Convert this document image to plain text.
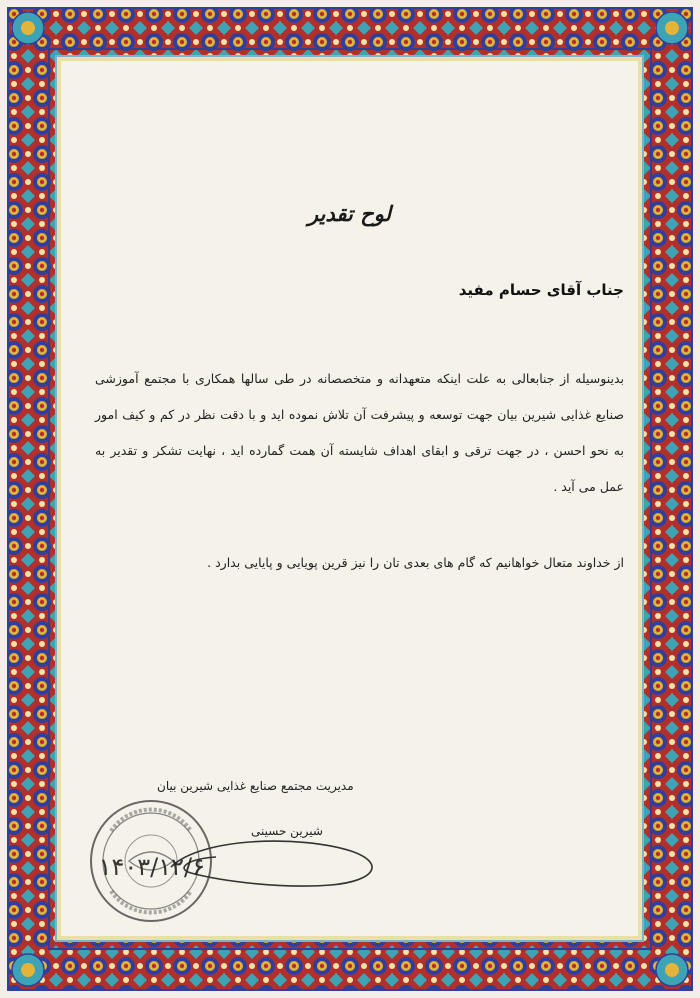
لوح تقدیر
جناب آقای حسام مفید

بدینوسیله از جنابعالی به علت اینکه متعهدانه و متخصصانه در طی سالها همکاری با مجتمع آموزشی صنایع غذایی شیرین بیان جهت توسعه و پیشرفت آن تلاش نموده اید و با دقت نظر در کم و کیف امور به نحو احسن ، در جهت ترقی و ابقای اهداف شایسته آن همت گمارده اید ، نهایت تشکر و تقدیر به عمل می آید .

از خداوند متعال خواهانیم که گام های بعدی تان را نیز قرین پویایی و پایایی بدارد .
مدیریت مجتمع صنایع غذایی شیرین بیان
شیرین حسینی
۱۴۰۳/۱۲/۶
